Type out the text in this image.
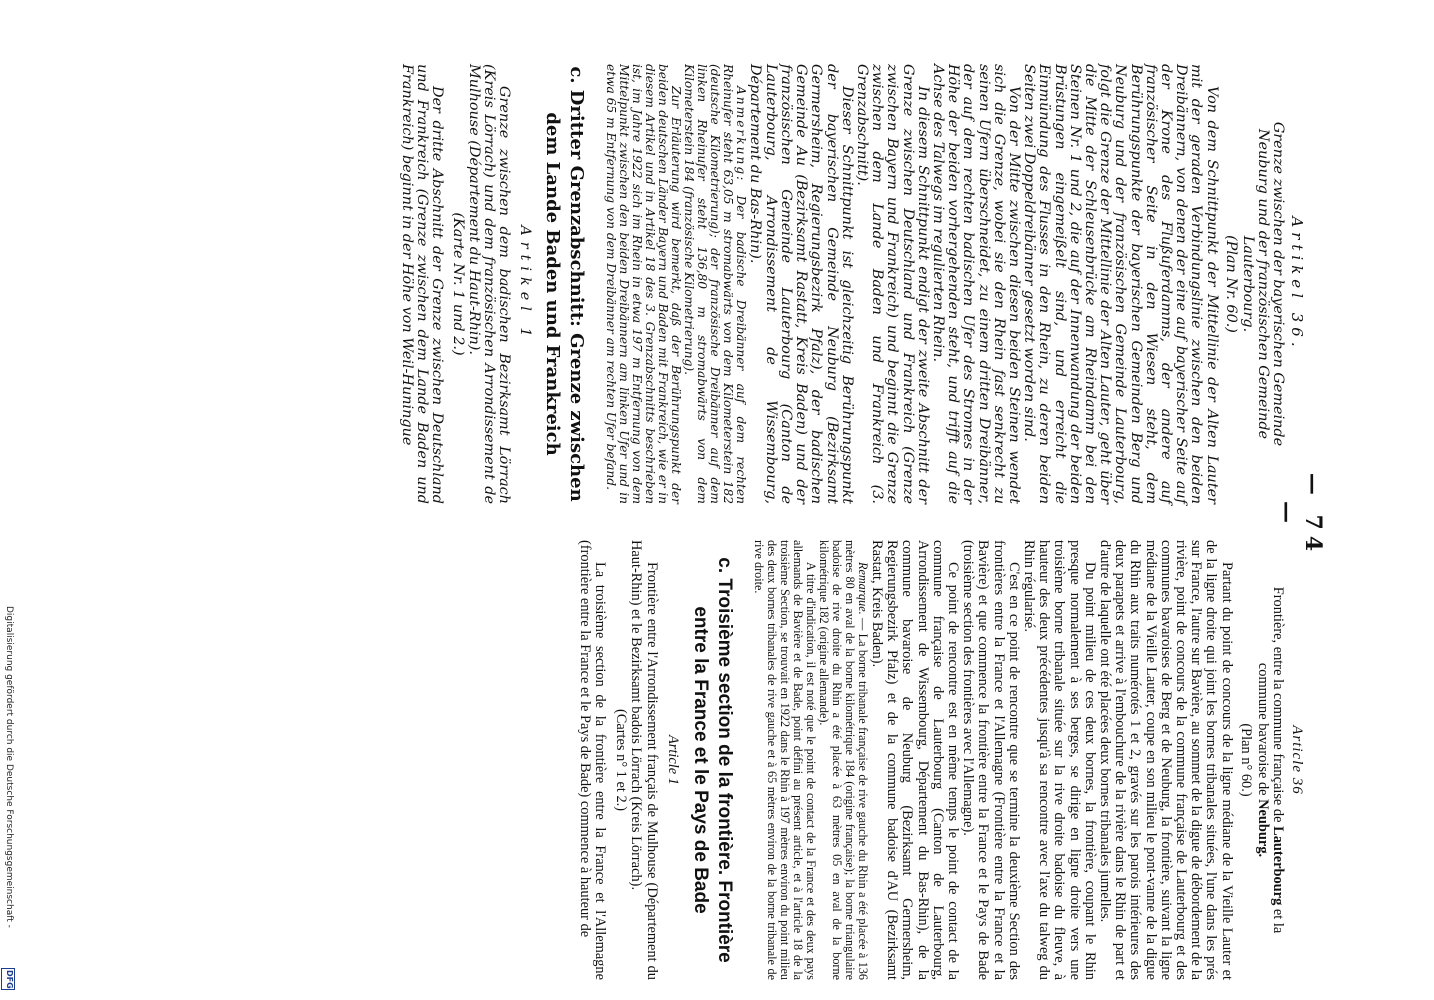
— 74 —
Artikel 36.
Grenze zwischen der bayerischen Gemeinde Neuburg und der französischen Gemeinde Lauterbourg.
(Plan Nr. 60.)

Von dem Schnittpunkt der Mittellinie der Alten Lauter mit der geraden Verbindungslinie zwischen den beiden Dreibännern, von denen der eine auf bayerischer Seite auf der Krone des Flußuferdamms, der andere auf französischer Seite in den Wiesen steht, dem Berührungspunkte der bayerischen Gemeinden Berg und Neuburg und der französischen Gemeinde Lauterbourg, folgt die Grenze der Mittellinie der Alten Lauter, geht über die Mitte der Schleusenbrücke am Rheindamm bei den Steinen Nr. 1 und 2, die auf der Innenwandung der beiden Brüstungen eingemeißelt sind, und erreicht die Einmündung des Flusses in den Rhein, zu deren beiden Seiten zwei Doppeldreibänner gesetzt worden sind.

Von der Mitte zwischen diesen beiden Steinen wendet sich die Grenze, wobei sie den Rhein fast senkrecht zu seinen Ufern überschneidet, zu einem dritten Dreibänner, der auf dem rechten badischen Ufer des Stromes in der Höhe der beiden vorhergehenden steht, und trifft auf die Achse des Talwegs im regulierten Rhein.

In diesem Schnittpunkt endigt der zweite Abschnitt der Grenze zwischen Deutschland und Frankreich (Grenze zwischen Bayern und Frankreich) und beginnt die Grenze zwischen dem Lande Baden und Frankreich (3. Grenzabschnitt).

Dieser Schnittpunkt ist gleichzeitig Berührungspunkt der bayerischen Gemeinde Neuburg (Bezirksamt Germersheim, Regierungsbezirk Pfalz), der badischen Gemeinde Au (Bezirksamt Rastatt, Kreis Baden) und der französischen Gemeinde Lauterbourg (Canton de Lauterbourg, Arrondissement de Wissembourg, Département du Bas-Rhin).

Anmerkung: Der badische Dreibänner auf dem rechten Rheinufer steht 63,05 m stromabwärts von dem Kilometerstein 182 (deutsche Kilometrierung); der französische Dreibänner auf dem linken Rheinufer steht 136,80 m stromabwärts von dem Kilometerstein 184 (französische Kilometrierung).

Zur Erläuterung wird bemerkt, daß der Berührungspunkt der beiden deutschen Länder Bayern und Baden mit Frankreich, wie er in diesem Artikel und in Artikel 18 des 3. Grenzabschnitts beschrieben ist, im Jahre 1922 sich im Rhein in etwa 197 m Entfernung von dem Mittelpunkt zwischen den beiden Dreibännern am linken Ufer und in etwa 65 m Entfernung von dem Dreibänner am rechten Ufer befand.

c. Dritter Grenzabschnitt: Grenze zwischen dem Lande Baden und Frankreich
Artikel 1

Grenze zwischen dem badischen Bezirksamt Lörrach (Kreis Lörrach) und dem französischen Arrondissement de Mulhouse (Département du Haut-Rhin).

(Karte Nr. 1 und 2.)

Der dritte Abschnitt der Grenze zwischen Deutschland und Frankreich (Grenze zwischen dem Lande Baden und Frankreich) beginnt in der Höhe von Weil-Huningue

Article 36
Frontière, entre la commune française de Lauterbourg et la commune bavaroise de Neuburg.
(Plan n° 60.)

Partant du point de concours de la ligne médiane de la Vieille Lauter et de la ligne droite qui joint les bornes tribanales situées, l'une dans les prés sur France, l'autre sur Bavière, au sommet de la digue de débordement de la rivière, point de concours de la commune française de Lauterbourg et des communes bavaroises de Berg et de Neuburg, la frontière, suivant la ligne médiane de la Vieille Lauter, coupe en son milieu le pont-vanne de la digue du Rhin aux traits numérotés 1 et 2, gravés sur les parois intérieures des deux parapets et arrive à l'embouchure de la rivière dans le Rhin de part et d'autre de laquelle ont été placées deux bornes tribanales jumelles.

Du point milieu de ces deux bornes, la frontière, coupant le Rhin presque normalement à ses berges, se dirige en ligne droite vers une troisième borne tribanale située sur la rive droite badoise du fleuve, à hauteur des deux précédentes jusqu'à sa rencontre avec l'axe du talweg du Rhin régularisé.

C'est en ce point de rencontre que se termine la deuxième Section des frontières entre la France et l'Allemagne (Frontière entre la France et la Bavière) et que commence la frontière entre la France et le Pays de Bade (troisième section des frontières avec l'Allemagne).

Ce point de rencontre est en même temps le point de contact de la commune française de Lauterbourg (Canton de Lauterbourg, Arrondissement de Wissembourg, Département du Bas-Rhin), de la commune bavaroise de Neuburg (Bezirksamt Germersheim, Regierungsbezirk Pfalz) et de la commune badoise d'AU (Bezirksamt Rastatt, Kreis Baden).

Remarque. — La borne tribanale française de rive gauche du Rhin a été placée à 136 mètres 80 en aval de la borne kilométrique 184 (origine française); la borne triangulaire badoise de rive droite du Rhin a été placée à 63 mètres 05 en aval de la borne kilométrique 182 (origine allemande).

A titre d'indication, il est noté que le point de contact de la France et des deux pays allemands de Bavière et de Bade, point défini au présent article, et à l'article 18 de la troisième Section, se trouvait en 1922 dans le Rhin à 197 mètres environ du point milieu des deux bornes tribanales de rive gauche et à 65 mètres environ de la borne tribanale de rive droite.

c. Troisième section de la frontière. Frontière entre la France et le Pays de Bade
Article 1

Frontière entre l'Arrondissement français de Mulhouse (Département du Haut-Rhin) et le Bezirksamt badois Lörrach (Kreis Lörrach).

(Cartes n° 1 et 2.)

La troisième section de la frontière entre la France et l'Allemagne (frontière entre la France et le Pays de Bade) commence à hauteur de

Digitalisierung gefördert durch die Deutsche Forschungsgemeinschaft -
DFG
